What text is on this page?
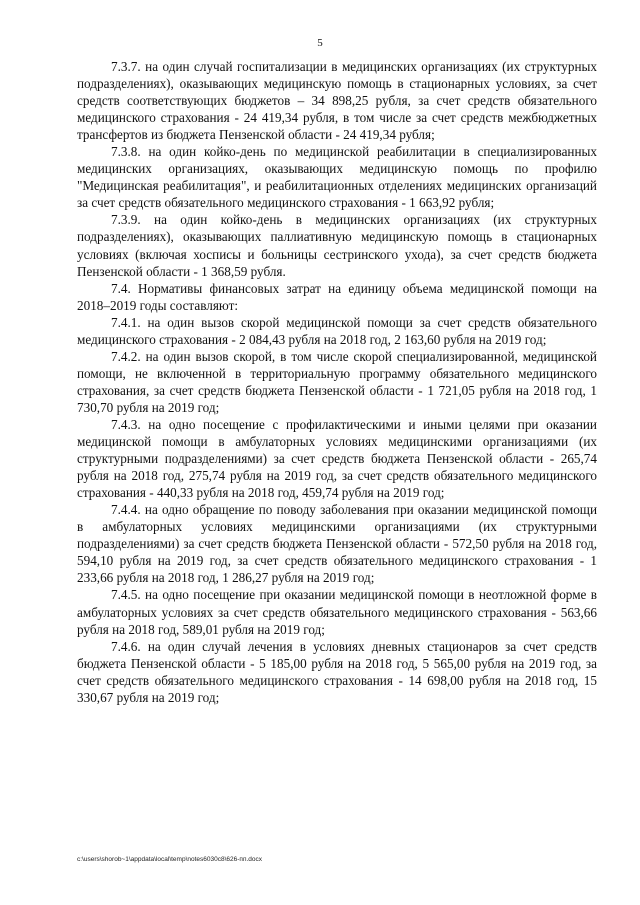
5

7.3.7. на один случай госпитализации в медицинских организациях (их структурных подразделениях), оказывающих медицинскую помощь в стационарных условиях, за счет средств соответствующих бюджетов – 34 898,25 рубля, за счет средств обязательного медицинского страхования - 24 419,34 рубля, в том числе за счет средств межбюджетных трансфертов из бюджета Пензенской области - 24 419,34 рубля;

7.3.8. на один койко-день по медицинской реабилитации в специализированных медицинских организациях, оказывающих медицинскую помощь по профилю "Медицинская реабилитация", и реабилитационных отделениях медицинских организаций за счет средств обязательного медицинского страхования - 1 663,92 рубля;

7.3.9. на один койко-день в медицинских организациях (их структурных подразделениях), оказывающих паллиативную медицинскую помощь в стационарных условиях (включая хосписы и больницы сестринского ухода), за счет средств бюджета Пензенской области - 1 368,59 рубля.

7.4. Нормативы финансовых затрат на единицу объема медицинской помощи на 2018–2019 годы составляют:

7.4.1. на один вызов скорой медицинской помощи за счет средств обязательного медицинского страхования - 2 084,43 рубля на 2018 год, 2 163,60 рубля на 2019 год;

7.4.2. на один вызов скорой, в том числе скорой специализированной, медицинской помощи, не включенной в территориальную программу обязательного медицинского страхования, за счет средств бюджета Пензенской области - 1 721,05 рубля на 2018 год, 1 730,70 рубля на 2019 год;

7.4.3. на одно посещение с профилактическими и иными целями при оказании медицинской помощи в амбулаторных условиях медицинскими организациями (их структурными подразделениями) за счет средств бюджета Пензенской области - 265,74 рубля на 2018 год, 275,74 рубля на 2019 год, за счет средств обязательного медицинского страхования - 440,33 рубля на 2018 год, 459,74 рубля на 2019 год;

7.4.4. на одно обращение по поводу заболевания при оказании медицинской помощи в амбулаторных условиях медицинскими организациями (их структурными подразделениями) за счет средств бюджета Пензенской области - 572,50 рубля на 2018 год, 594,10 рубля на 2019 год, за счет средств обязательного медицинского страхования - 1 233,66 рубля на 2018 год, 1 286,27 рубля на 2019 год;

7.4.5. на одно посещение при оказании медицинской помощи в неотложной форме в амбулаторных условиях за счет средств обязательного медицинского страхования - 563,66 рубля на 2018 год, 589,01 рубля на 2019 год;

7.4.6. на один случай лечения в условиях дневных стационаров за счет средств бюджета Пензенской области - 5 185,00 рубля на 2018 год, 5 565,00 рубля на 2019 год, за счет средств обязательного медицинского страхования - 14 698,00 рубля на 2018 год, 15 330,67 рубля на 2019 год;

c:\users\shorob~1\appdata\local\temp\notes6030c8\626-пп.docx
